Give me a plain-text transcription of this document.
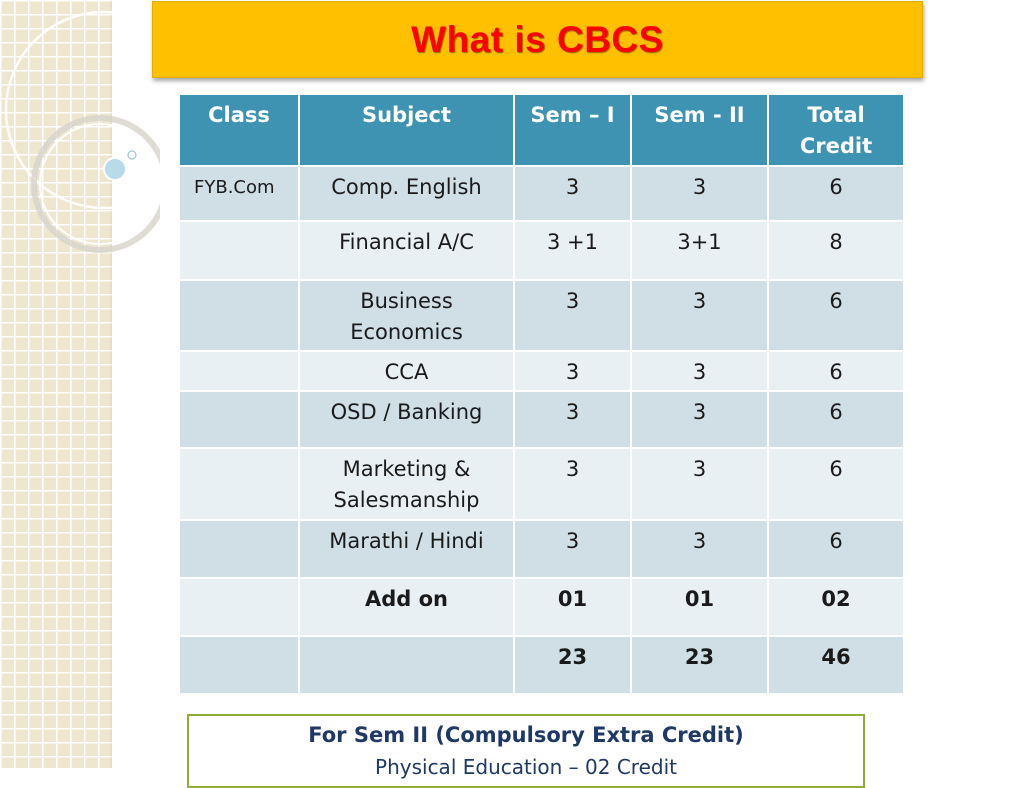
What is CBCS
Class	Subject	Sem – I	Sem - II	Total
Credit
FYB.Com	Comp. English	3	3	6
	Financial A/C	3 +1	3+1	8
	Business
Economics	3	3	6
	CCA	3	3	6
	OSD / Banking	3	3	6
	Marketing &
Salesmanship	3	3	6
	Marathi / Hindi	3	3	6
	Add on	01	01	02
		23	23	46
For Sem II (Compulsory Extra Credit)
Physical Education – 02 Credit
